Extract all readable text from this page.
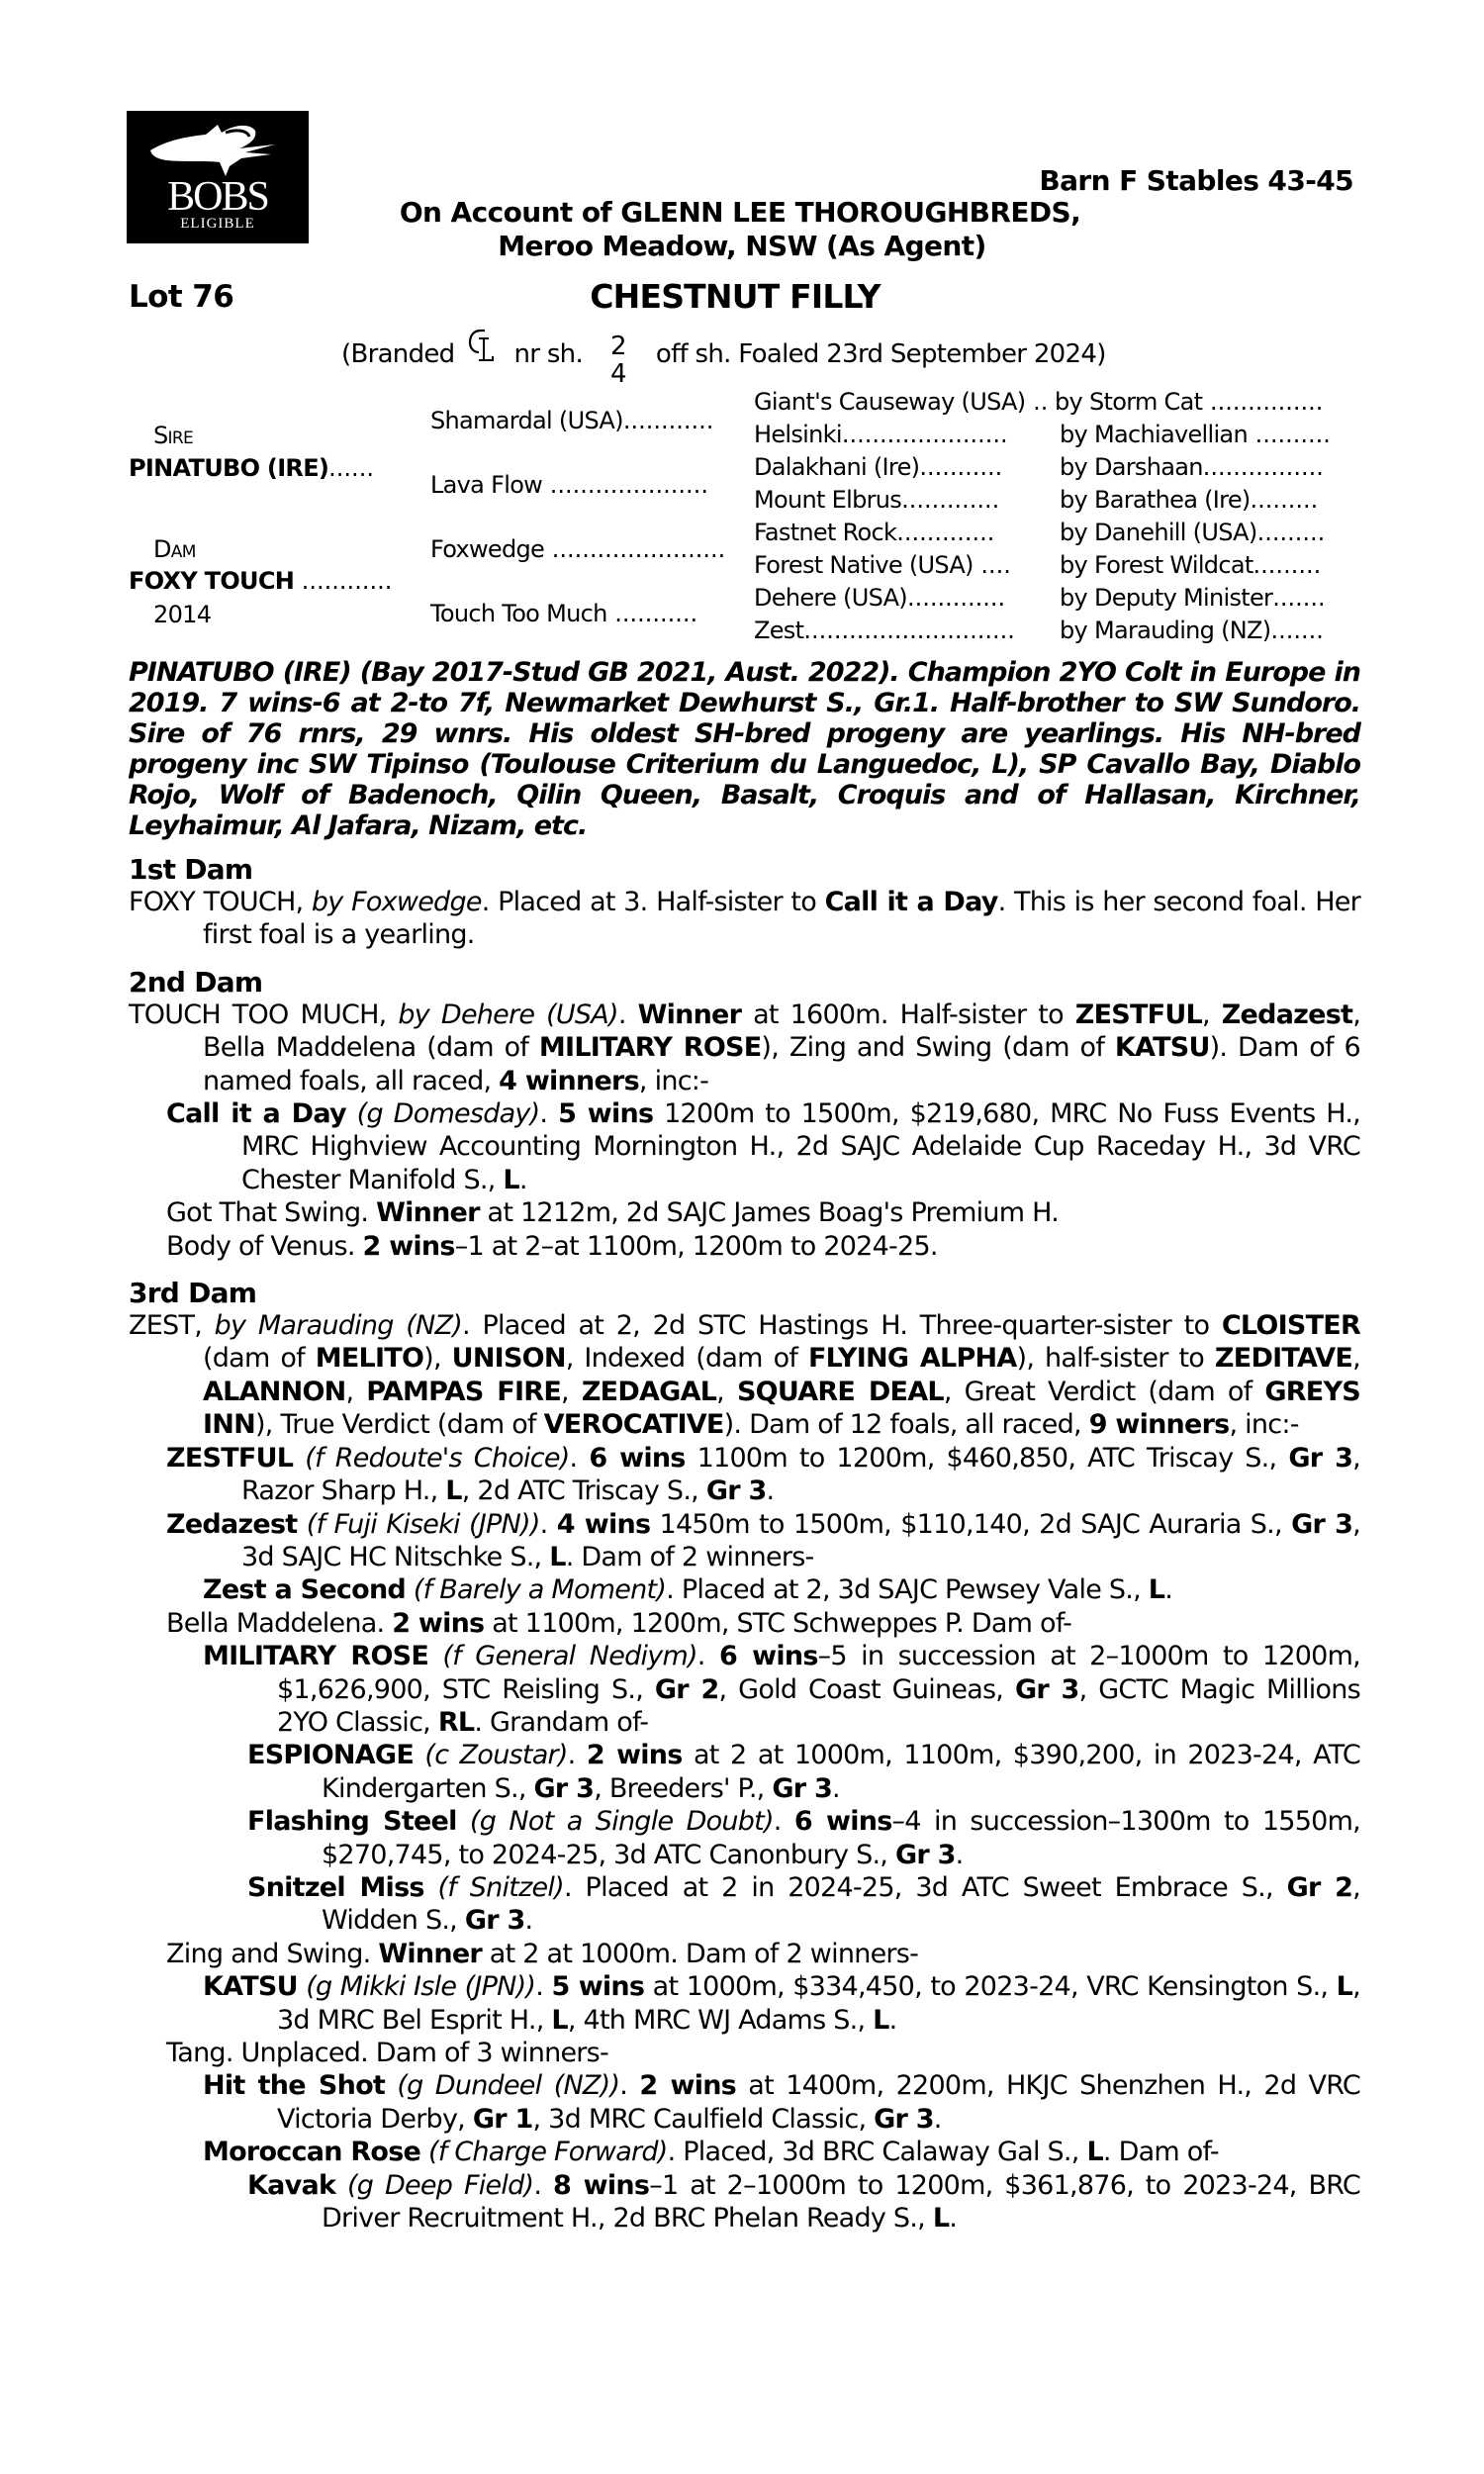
BOBS
ELIGIBLE
Barn F Stables 43-45
On Account of GLENN LEE THOROUGHBREDS,
Meroo Meadow, NSW (As Agent)
Lot 76	CHESTNUT FILLY
(Branded nr sh. 2
4
off sh. Foaled 23rd September 2024)
Sire
PINATUBO (IRE)......
Dam
FOXY TOUCH ............
2014
Shamardal (USA)............
Lava Flow .....................
Foxwedge .......................
Touch Too Much ...........
Giant's Causeway (USA) .. by Storm Cat ...............
Helsinki......................	by Machiavellian ..........
Dalakhani (Ire)...........	by Darshaan................
Mount Elbrus.............	by Barathea (Ire).........
Fastnet Rock.............	by Danehill (USA).........
Forest Native (USA) ....	by Forest Wildcat.........
Dehere (USA).............	by Deputy Minister.......
Zest............................	by Marauding (NZ).......

PINATUBO (IRE) (Bay 2017-Stud GB 2021, Aust. 2022). Champion 2YO Colt in Europe in 2019. 7 wins-6 at 2-to 7f, Newmarket Dewhurst S., Gr.1. Half-brother to SW Sundoro. Sire of 76 rnrs, 29 wnrs. His oldest SH-bred progeny are yearlings. His NH-bred progeny inc SW Tipinso (Toulouse Criterium du Languedoc, L), SP Cavallo Bay, Diablo Rojo, Wolf of Badenoch, Qilin Queen, Basalt, Croquis and of Hallasan, Kirchner, Leyhaimur, Al Jafara, Nizam, etc.

1st Dam

FOXY TOUCH, by Foxwedge. Placed at 3. Half-sister to Call it a Day. This is her second foal. Her first foal is a yearling.

2nd Dam

TOUCH TOO MUCH, by Dehere (USA). Winner at 1600m. Half-sister to ZESTFUL, Zedazest, Bella Maddelena (dam of MILITARY ROSE), Zing and Swing (dam of KATSU). Dam of 6 named foals, all raced, 4 winners, inc:-

Call it a Day (g Domesday). 5 wins 1200m to 1500m, $219,680, MRC No Fuss Events H., MRC Highview Accounting Mornington H., 2d SAJC Adelaide Cup Raceday H., 3d VRC Chester Manifold S., L.

Got That Swing. Winner at 1212m, 2d SAJC James Boag's Premium H.

Body of Venus. 2 wins–1 at 2–at 1100m, 1200m to 2024-25.

3rd Dam

ZEST, by Marauding (NZ). Placed at 2, 2d STC Hastings H. Three-quarter-sister to CLOISTER (dam of MELITO), UNISON, Indexed (dam of FLYING ALPHA), half-sister to ZEDITAVE, ALANNON, PAMPAS FIRE, ZEDAGAL, SQUARE DEAL, Great Verdict (dam of GREYS INN), True Verdict (dam of VEROCATIVE). Dam of 12 foals, all raced, 9 winners, inc:-

ZESTFUL (f Redoute's Choice). 6 wins 1100m to 1200m, $460,850, ATC Triscay S., Gr 3, Razor Sharp H., L, 2d ATC Triscay S., Gr 3.

Zedazest (f Fuji Kiseki (JPN)). 4 wins 1450m to 1500m, $110,140, 2d SAJC Auraria S., Gr 3, 3d SAJC HC Nitschke S., L. Dam of 2 winners-

Zest a Second (f Barely a Moment). Placed at 2, 3d SAJC Pewsey Vale S., L.

Bella Maddelena. 2 wins at 1100m, 1200m, STC Schweppes P. Dam of-

MILITARY ROSE (f General Nediym). 6 wins–5 in succession at 2–1000m to 1200m, $1,626,900, STC Reisling S., Gr 2, Gold Coast Guineas, Gr 3, GCTC Magic Millions 2YO Classic, RL. Grandam of-

ESPIONAGE (c Zoustar). 2 wins at 2 at 1000m, 1100m, $390,200, in 2023-24, ATC Kindergarten S., Gr 3, Breeders' P., Gr 3.

Flashing Steel (g Not a Single Doubt). 6 wins–4 in succession–1300m to 1550m, $270,745, to 2024-25, 3d ATC Canonbury S., Gr 3.

Snitzel Miss (f Snitzel). Placed at 2 in 2024-25, 3d ATC Sweet Embrace S., Gr 2, Widden S., Gr 3.

Zing and Swing. Winner at 2 at 1000m. Dam of 2 winners-

KATSU (g Mikki Isle (JPN)). 5 wins at 1000m, $334,450, to 2023-24, VRC Kensington S., L, 3d MRC Bel Esprit H., L, 4th MRC WJ Adams S., L.

Tang. Unplaced. Dam of 3 winners-

Hit the Shot (g Dundeel (NZ)). 2 wins at 1400m, 2200m, HKJC Shenzhen H., 2d VRC Victoria Derby, Gr 1, 3d MRC Caulfield Classic, Gr 3.

Moroccan Rose (f Charge Forward). Placed, 3d BRC Calaway Gal S., L. Dam of-

Kavak (g Deep Field). 8 wins–1 at 2–1000m to 1200m, $361,876, to 2023-24, BRC Driver Recruitment H., 2d BRC Phelan Ready S., L.
